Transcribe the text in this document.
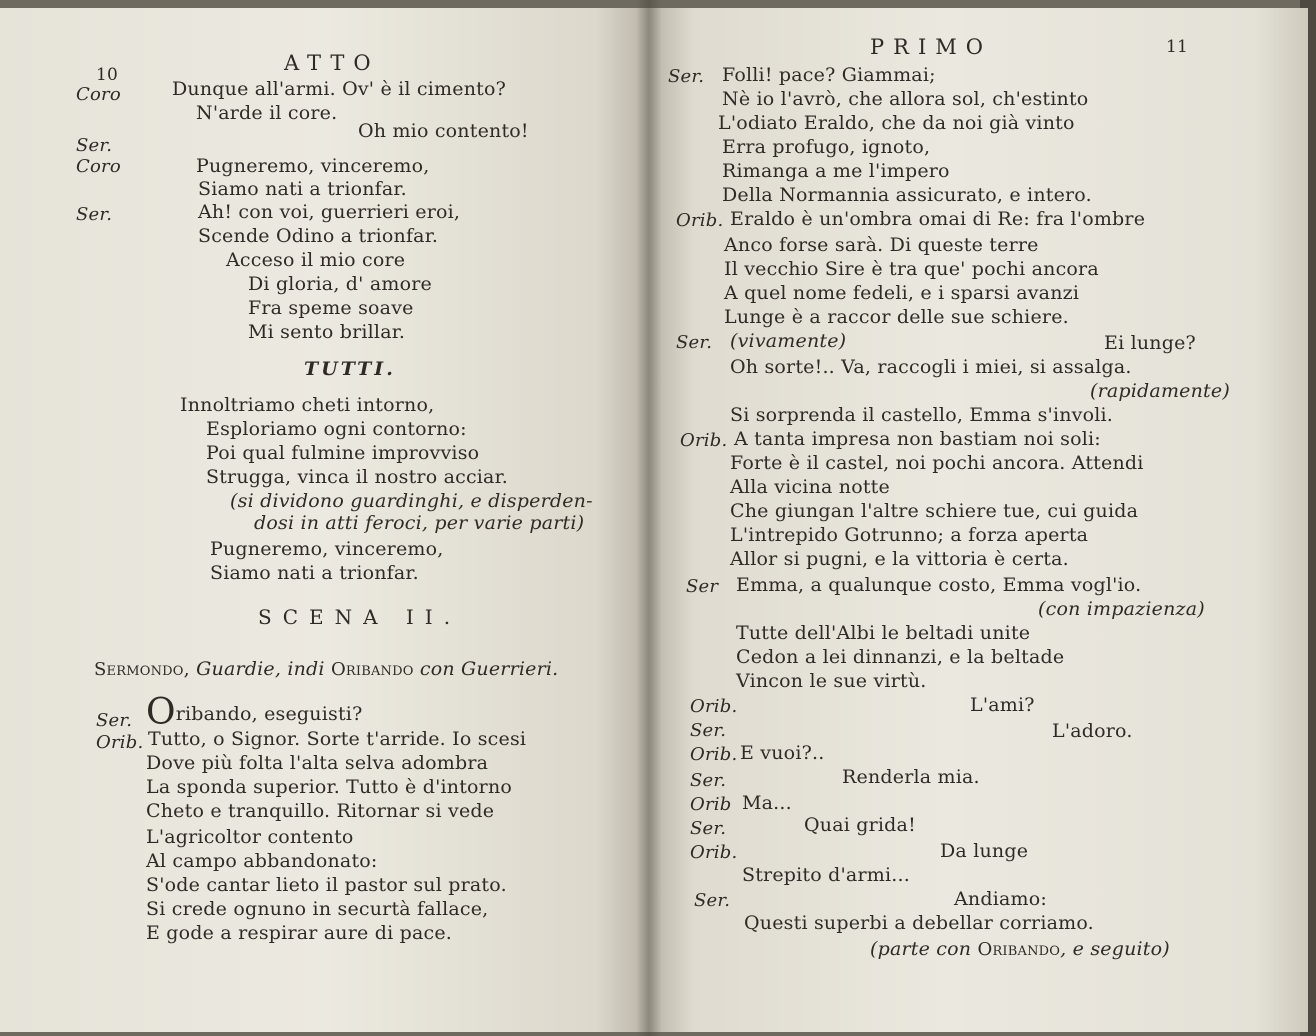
10	ATTO
Coro	Dunque all'armi. Ov' è il cimento?
N'arde il core.
Ser.
Oh mio contento!
Coro	Pugneremo, vinceremo,
Siamo nati a trionfar.
Ser.	Ah! con voi, guerrieri eroi,
Scende Odino a trionfar.
Acceso il mio core
Di gloria, d' amore
Fra speme soave
Mi sento brillar.
TUTTI.
Innoltriamo cheti intorno,
Esploriamo ogni contorno:
Poi qual fulmine improvviso
Strugga, vinca il nostro acciar.
(si dividono guardinghi, e disperden-
dosi in atti feroci, per varie parti)
Pugneremo, vinceremo,
Siamo nati a trionfar.
SCENA II.
Sermondo, Guardie, indi Oribando con Guerrieri.
Ser. Oribando, eseguisti?
Orib. Tutto, o Signor. Sorte t'arride. Io scesi
Dove più folta l'alta selva adombra
La sponda superior. Tutto è d'intorno
Cheto e tranquillo. Ritornar si vede
L'agricoltor contento
Al campo abbandonato:
S'ode cantar lieto il pastor sul prato.
Si crede ognuno in securtà fallace,
E gode a respirar aure di pace.
PRIMO	11
Ser. Folli! pace? Giammai;
Nè io l'avrò, che allora sol, ch'estinto
L'odiato Eraldo, che da noi già vinto
Erra profugo, ignoto,
Rimanga a me l'impero
Della Normannia assicurato, e intero.
Orib. Eraldo è un'ombra omai di Re: fra l'ombre
Anco forse sarà. Di queste terre
Il vecchio Sire è tra que' pochi ancora
A quel nome fedeli, e i sparsi avanzi
Lunge è a raccor delle sue schiere.
Ser. (vivamente)	Ei lunge?
Oh sorte!.. Va, raccogli i miei, si assalga.
(rapidamente)
Si sorprenda il castello, Emma s'involi.
Orib. A tanta impresa non bastiam noi soli:
Forte è il castel, noi pochi ancora. Attendi
Alla vicina notte
Che giungan l'altre schiere tue, cui guida
L'intrepido Gotrunno; a forza aperta
Allor si pugni, e la vittoria è certa.
Ser Emma, a qualunque costo, Emma vogl'io.
(con impazienza)
Tutte dell'Albi le beltadi unite
Cedon a lei dinnanzi, e la beltade
Vincon le sue virtù.
Orib.	L'ami?
Ser.	L'adoro.
Orib. E vuoi?..
Ser.	Renderla mia.
Orib Ma...
Ser.	Quai grida!
Orib.	Da lunge
Strepito d'armi...
Ser.	Andiamo:
Questi superbi a debellar corriamo.
(parte con Oribando, e seguito)
